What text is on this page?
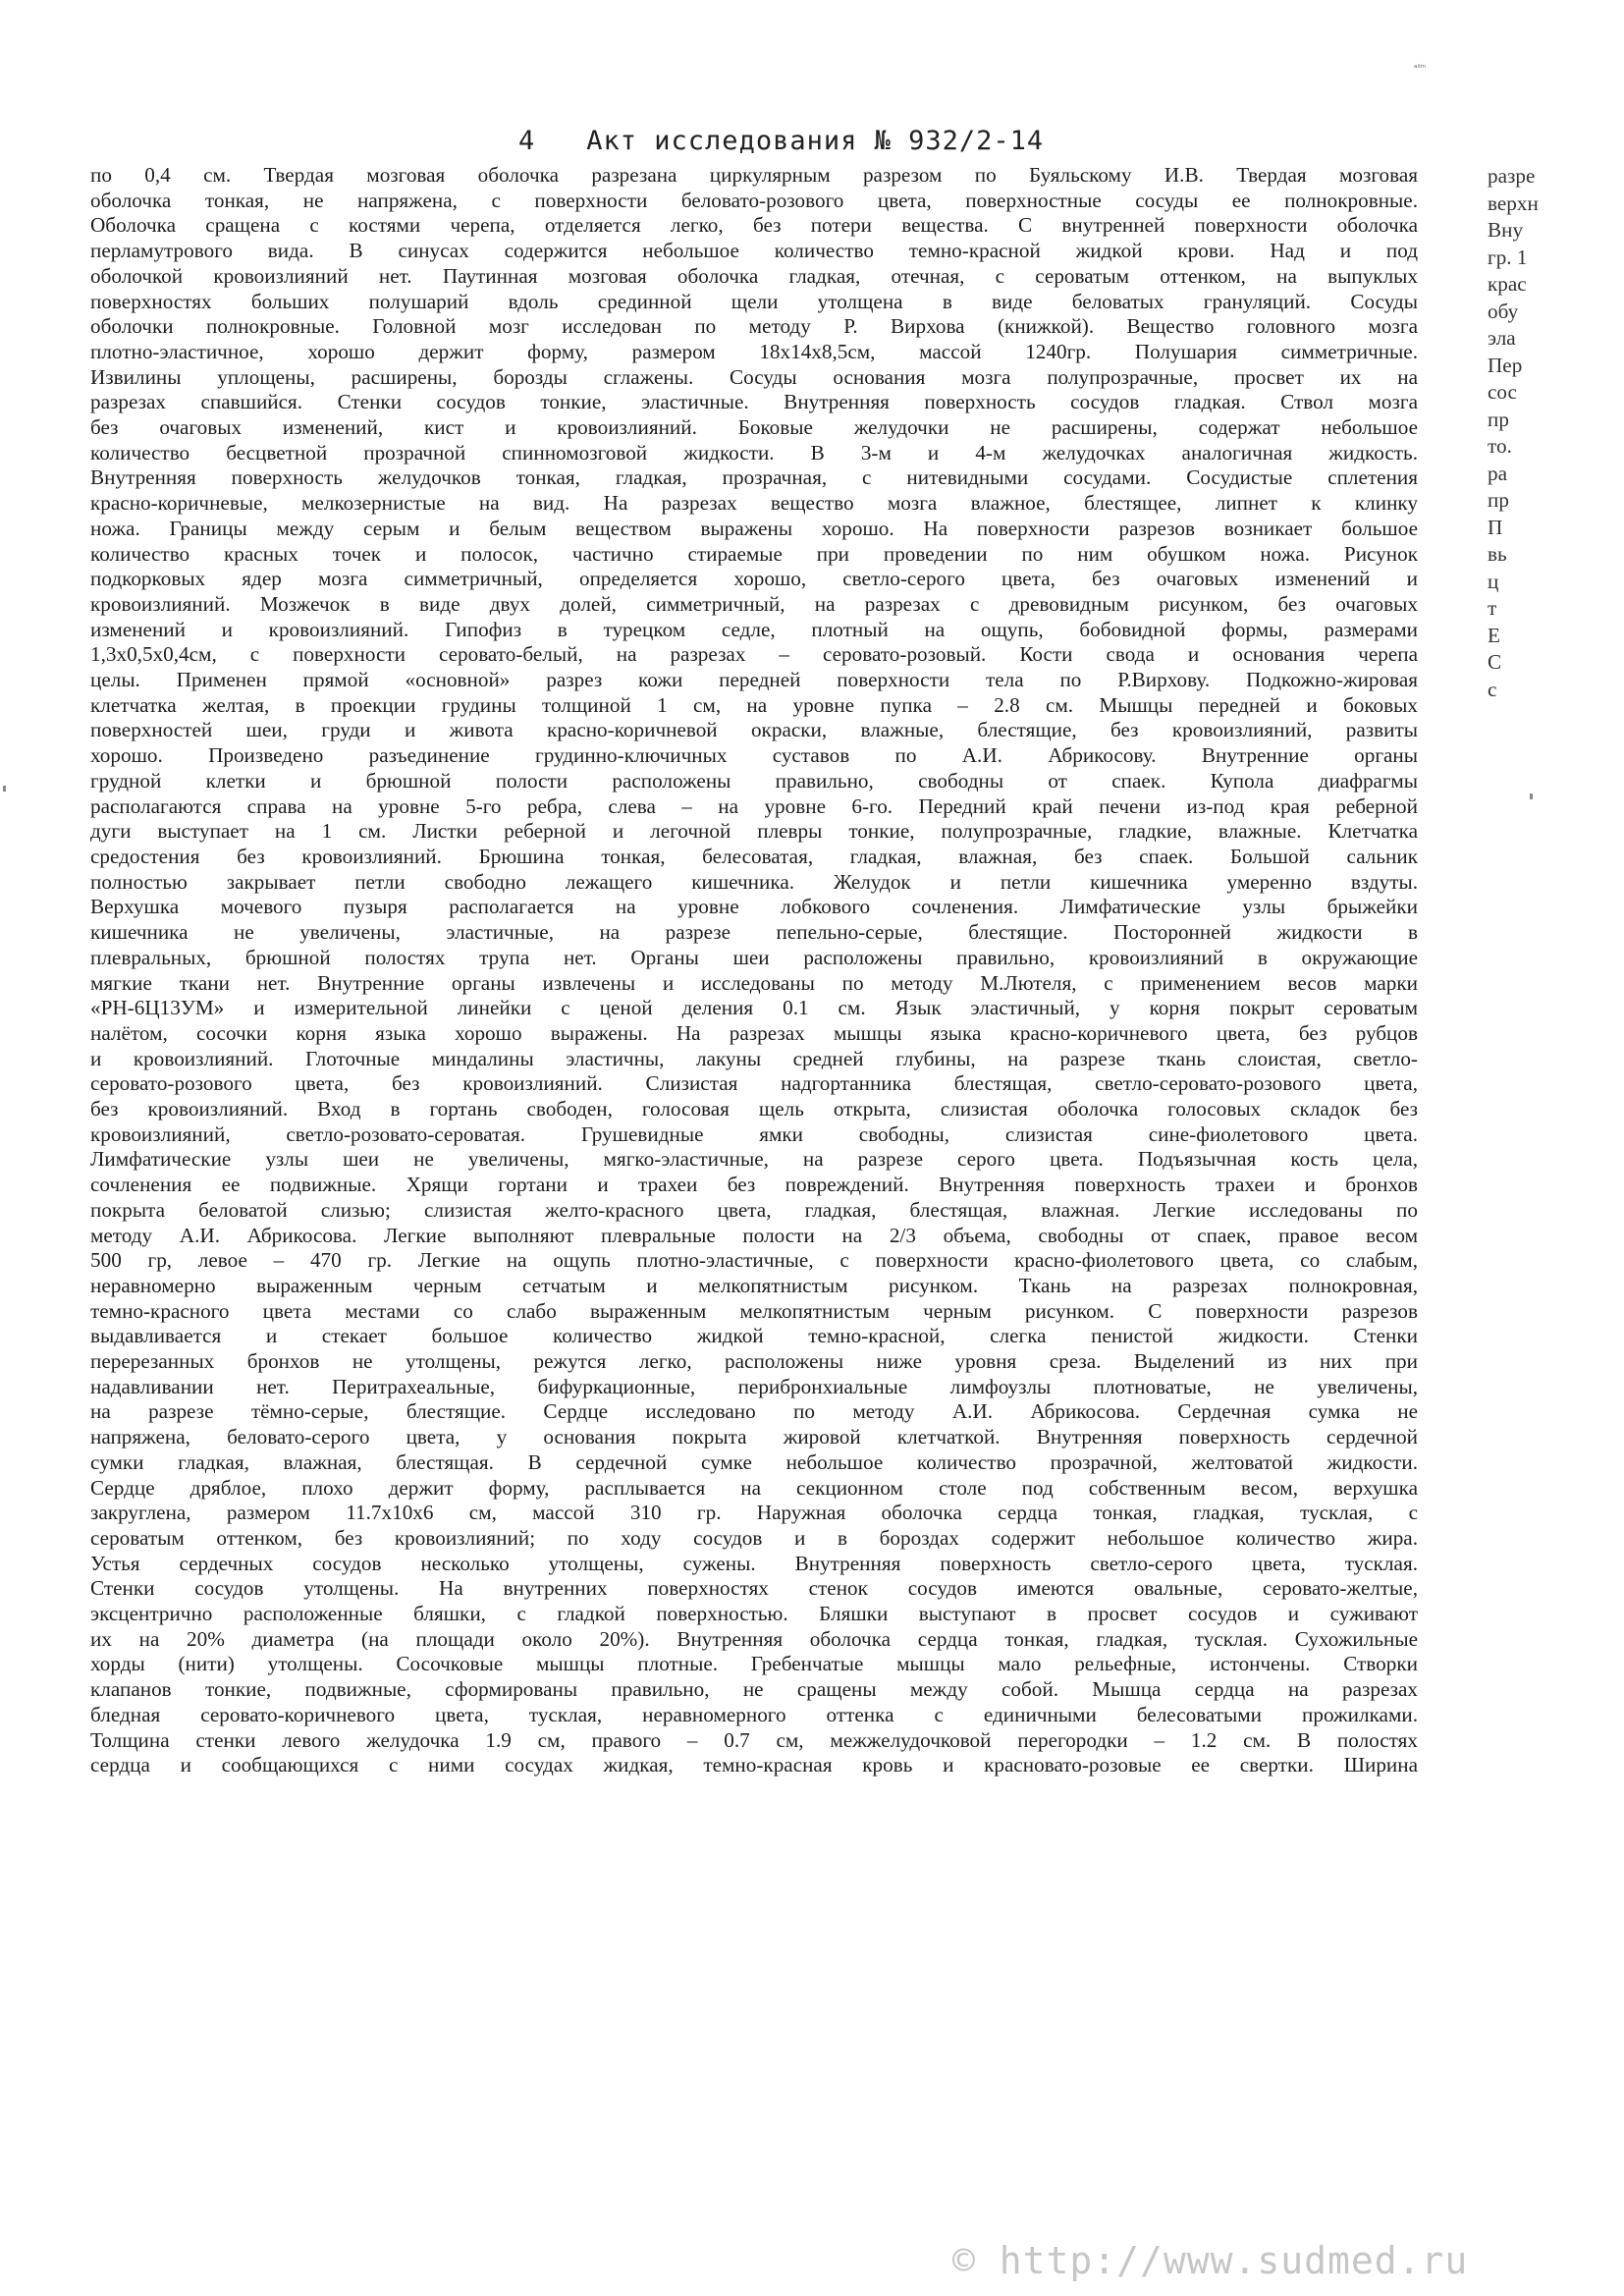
ₐᵢₗₘ
4 Акт исследования № 932/2-14
по 0,4 см. Твердая мозговая оболочка разрезана циркулярным разрезом по Буяльскому И.В. Твердая мозговая
оболочка тонкая, не напряжена, с поверхности беловато-розового цвета, поверхностные сосуды ее полнокровные.
Оболочка сращена с костями черепа, отделяется легко, без потери вещества. С внутренней поверхности оболочка
перламутрового вида. В синусах содержится небольшое количество темно-красной жидкой крови. Над и под
оболочкой кровоизлияний нет. Паутинная мозговая оболочка гладкая, отечная, с сероватым оттенком, на выпуклых
поверхностях больших полушарий вдоль срединной щели утолщена в виде беловатых грануляций. Сосуды
оболочки полнокровные. Головной мозг исследован по методу Р. Вирхова (книжкой). Вещество головного мозга
плотно-эластичное, хорошо держит форму, размером 18х14х8,5см, массой 1240гр. Полушария симметричные.
Извилины уплощены, расширены, борозды сглажены. Сосуды основания мозга полупрозрачные, просвет их на
разрезах спавшийся. Стенки сосудов тонкие, эластичные. Внутренняя поверхность сосудов гладкая. Ствол мозга
без очаговых изменений, кист и кровоизлияний. Боковые желудочки не расширены, содержат небольшое
количество бесцветной прозрачной спинномозговой жидкости. В 3-м и 4-м желудочках аналогичная жидкость.
Внутренняя поверхность желудочков тонкая, гладкая, прозрачная, с нитевидными сосудами. Сосудистые сплетения
красно-коричневые, мелкозернистые на вид. На разрезах вещество мозга влажное, блестящее, липнет к клинку
ножа. Границы между серым и белым веществом выражены хорошо. На поверхности разрезов возникает большое
количество красных точек и полосок, частично стираемые при проведении по ним обушком ножа. Рисунок
подкорковых ядер мозга симметричный, определяется хорошо, светло-серого цвета, без очаговых изменений и
кровоизлияний. Мозжечок в виде двух долей, симметричный, на разрезах с древовидным рисунком, без очаговых
изменений и кровоизлияний. Гипофиз в турецком седле, плотный на ощупь, бобовидной формы, размерами
1,3х0,5х0,4см, с поверхности серовато-белый, на разрезах – серовато-розовый. Кости свода и основания черепа
целы. Применен прямой «основной» разрез кожи передней поверхности тела по Р.Вирхову. Подкожно-жировая
клетчатка желтая, в проекции грудины толщиной 1 см, на уровне пупка – 2.8 см. Мышцы передней и боковых
поверхностей шеи, груди и живота красно-коричневой окраски, влажные, блестящие, без кровоизлияний, развиты
хорошо. Произведено разъединение грудинно-ключичных суставов по А.И. Абрикосову. Внутренние органы
грудной клетки и брюшной полости расположены правильно, свободны от спаек. Купола диафрагмы
располагаются справа на уровне 5-го ребра, слева – на уровне 6-го. Передний край печени из-под края реберной
дуги выступает на 1 см. Листки реберной и легочной плевры тонкие, полупрозрачные, гладкие, влажные. Клетчатка
средостения без кровоизлияний. Брюшина тонкая, белесоватая, гладкая, влажная, без спаек. Большой сальник
полностью закрывает петли свободно лежащего кишечника. Желудок и петли кишечника умеренно вздуты.
Верхушка мочевого пузыря располагается на уровне лобкового сочленения. Лимфатические узлы брыжейки
кишечника не увеличены, эластичные, на разрезе пепельно-серые, блестящие. Посторонней жидкости в
плевральных, брюшной полостях трупа нет. Органы шеи расположены правильно, кровоизлияний в окружающие
мягкие ткани нет. Внутренние органы извлечены и исследованы по методу М.Лютеля, с применением весов марки
«РН-6Ц13УМ» и измерительной линейки с ценой деления 0.1 см. Язык эластичный, у корня покрыт сероватым
налётом, сосочки корня языка хорошо выражены. На разрезах мышцы языка красно-коричневого цвета, без рубцов
и кровоизлияний. Глоточные миндалины эластичны, лакуны средней глубины, на разрезе ткань слоистая, светло-
серовато-розового цвета, без кровоизлияний. Слизистая надгортанника блестящая, светло-серовато-розового цвета,
без кровоизлияний. Вход в гортань свободен, голосовая щель открыта, слизистая оболочка голосовых складок без
кровоизлияний, светло-розовато-сероватая. Грушевидные ямки свободны, слизистая сине-фиолетового цвета.
Лимфатические узлы шеи не увеличены, мягко-эластичные, на разрезе серого цвета. Подъязычная кость цела,
сочленения ее подвижные. Хрящи гортани и трахеи без повреждений. Внутренняя поверхность трахеи и бронхов
покрыта беловатой слизью; слизистая желто-красного цвета, гладкая, блестящая, влажная. Легкие исследованы по
методу А.И. Абрикосова. Легкие выполняют плевральные полости на 2/3 объема, свободны от спаек, правое весом
500 гр, левое – 470 гр. Легкие на ощупь плотно-эластичные, с поверхности красно-фиолетового цвета, со слабым,
неравномерно выраженным черным сетчатым и мелкопятнистым рисунком. Ткань на разрезах полнокровная,
темно-красного цвета местами со слабо выраженным мелкопятнистым черным рисунком. С поверхности разрезов
выдавливается и стекает большое количество жидкой темно-красной, слегка пенистой жидкости. Стенки
перерезанных бронхов не утолщены, режутся легко, расположены ниже уровня среза. Выделений из них при
надавливании нет. Перитрахеальные, бифуркационные, перибронхиальные лимфоузлы плотноватые, не увеличены,
на разрезе тёмно-серые, блестящие. Сердце исследовано по методу А.И. Абрикосова. Сердечная сумка не
напряжена, беловато-серого цвета, у основания покрыта жировой клетчаткой. Внутренняя поверхность сердечной
сумки гладкая, влажная, блестящая. В сердечной сумке небольшое количество прозрачной, желтоватой жидкости.
Сердце дряблое, плохо держит форму, расплывается на секционном столе под собственным весом, верхушка
закруглена, размером 11.7х10х6 см, массой 310 гр. Наружная оболочка сердца тонкая, гладкая, тусклая, с
сероватым оттенком, без кровоизлияний; по ходу сосудов и в бороздах содержит небольшое количество жира.
Устья сердечных сосудов несколько утолщены, сужены. Внутренняя поверхность светло-серого цвета, тусклая.
Стенки сосудов утолщены. На внутренних поверхностях стенок сосудов имеются овальные, серовато-желтые,
эксцентрично расположенные бляшки, с гладкой поверхностью. Бляшки выступают в просвет сосудов и суживают
их на 20% диаметра (на площади около 20%). Внутренняя оболочка сердца тонкая, гладкая, тусклая. Сухожильные
хорды (нити) утолщены. Сосочковые мышцы плотные. Гребенчатые мышцы мало рельефные, истончены. Створки
клапанов тонкие, подвижные, сформированы правильно, не сращены между собой. Мышца сердца на разрезах
бледная серовато-коричневого цвета, тусклая, неравномерного оттенка с единичными белесоватыми прожилками.
Толщина стенки левого желудочка 1.9 см, правого – 0.7 см, межжелудочковой перегородки – 1.2 см. В полостях
сердца и сообщающихся с ними сосудах жидкая, темно-красная кровь и красновато-розовые ее свертки. Ширина
разре
верхн
Вну
гр. 1
крас
обу
эла
Пер
сос
пр
то.
ра
пр
П
вь
ц
т
Е
С
с
© http://www.sudmed.ru
